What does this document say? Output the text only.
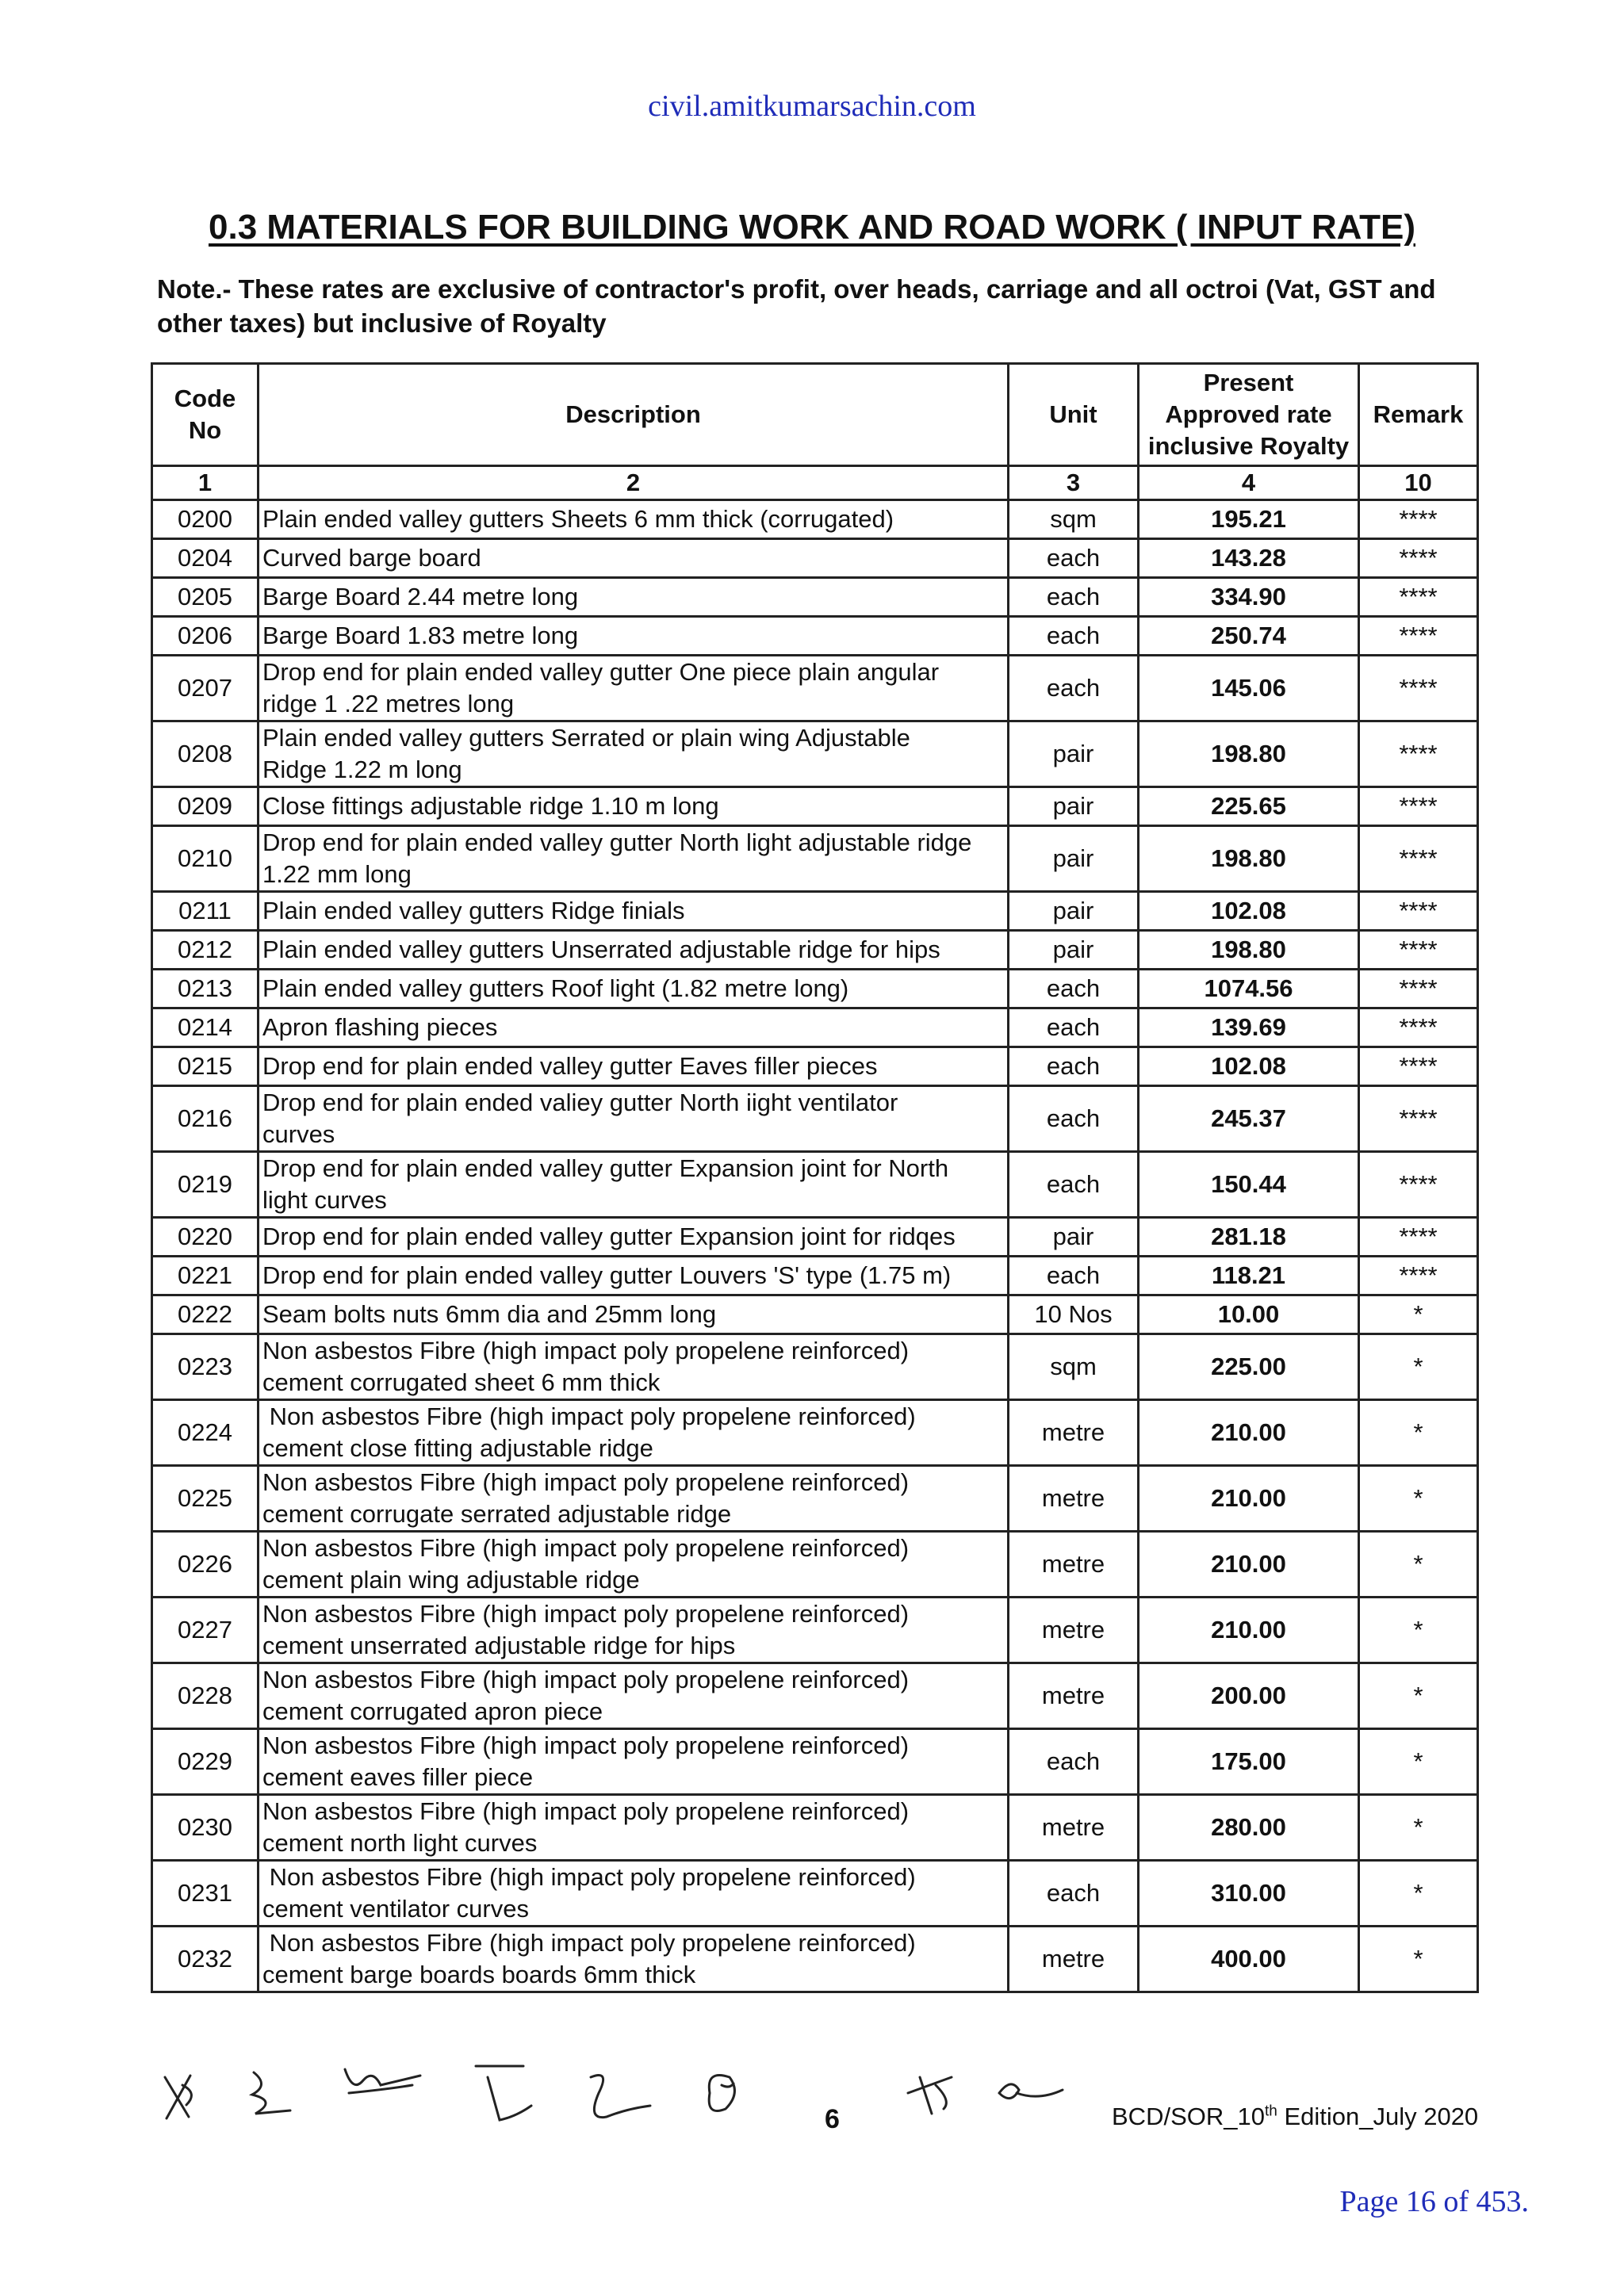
civil.amitkumarsachin.com
0.3 MATERIALS FOR BUILDING WORK AND ROAD WORK ( INPUT RATE)
Note.- These rates are exclusive of contractor's profit, over heads, carriage and all octroi (Vat, GST and other taxes) but inclusive of Royalty
Code
No	Description	Unit	Present
Approved rate
inclusive Royalty	Remark
1	2	3	4	10
0200	Plain ended valley gutters Sheets 6 mm thick (corrugated)	sqm	195.21	****
0204	Curved barge board	each	143.28	****
0205	Barge Board 2.44 metre long	each	334.90	****
0206	Barge Board 1.83 metre long	each	250.74	****
0207	Drop end for plain ended valley gutter One piece plain angular
ridge 1 .22 metres long	each	145.06	****
0208	Plain ended valley gutters Serrated or plain wing Adjustable
Ridge 1.22 m long	pair	198.80	****
0209	Close fittings adjustable ridge 1.10 m long	pair	225.65	****
0210	Drop end for plain ended valley gutter North light adjustable ridge
1.22 mm long	pair	198.80	****
0211	Plain ended valley gutters Ridge finials	pair	102.08	****
0212	Plain ended valley gutters Unserrated adjustable ridge for hips	pair	198.80	****
0213	Plain ended valley gutters Roof light (1.82 metre long)	each	1074.56	****
0214	Apron flashing pieces	each	139.69	****
0215	Drop end for plain ended valley gutter Eaves filler pieces	each	102.08	****
0216	Drop end for plain ended valiey gutter North iight ventilator
curves	each	245.37	****
0219	Drop end for plain ended valley gutter Expansion joint for North
light curves	each	150.44	****
0220	Drop end for plain ended valley gutter Expansion joint for ridqes	pair	281.18	****
0221	Drop end for plain ended valley gutter Louvers 'S' type (1.75 m)	each	118.21	****
0222	Seam bolts nuts 6mm dia and 25mm long	10 Nos	10.00	*
0223	Non asbestos Fibre (high impact poly propelene reinforced)
cement corrugated sheet 6 mm thick	sqm	225.00	*
0224	Non asbestos Fibre (high impact poly propelene reinforced)
cement close fitting adjustable ridge	metre	210.00	*
0225	Non asbestos Fibre (high impact poly propelene reinforced)
cement corrugate serrated adjustable ridge	metre	210.00	*
0226	Non asbestos Fibre (high impact poly propelene reinforced)
cement plain wing adjustable ridge	metre	210.00	*
0227	Non asbestos Fibre (high impact poly propelene reinforced)
cement unserrated adjustable ridge for hips	metre	210.00	*
0228	Non asbestos Fibre (high impact poly propelene reinforced)
cement corrugated apron piece	metre	200.00	*
0229	Non asbestos Fibre (high impact poly propelene reinforced)
cement eaves filler piece	each	175.00	*
0230	Non asbestos Fibre (high impact poly propelene reinforced)
cement north light curves	metre	280.00	*
0231	Non asbestos Fibre (high impact poly propelene reinforced)
cement ventilator curves	each	310.00	*
0232	Non asbestos Fibre (high impact poly propelene reinforced)
cement barge boards boards 6mm thick	metre	400.00	*
6	BCD/SOR_10th Edition_July 2020
Page 16 of 453.
